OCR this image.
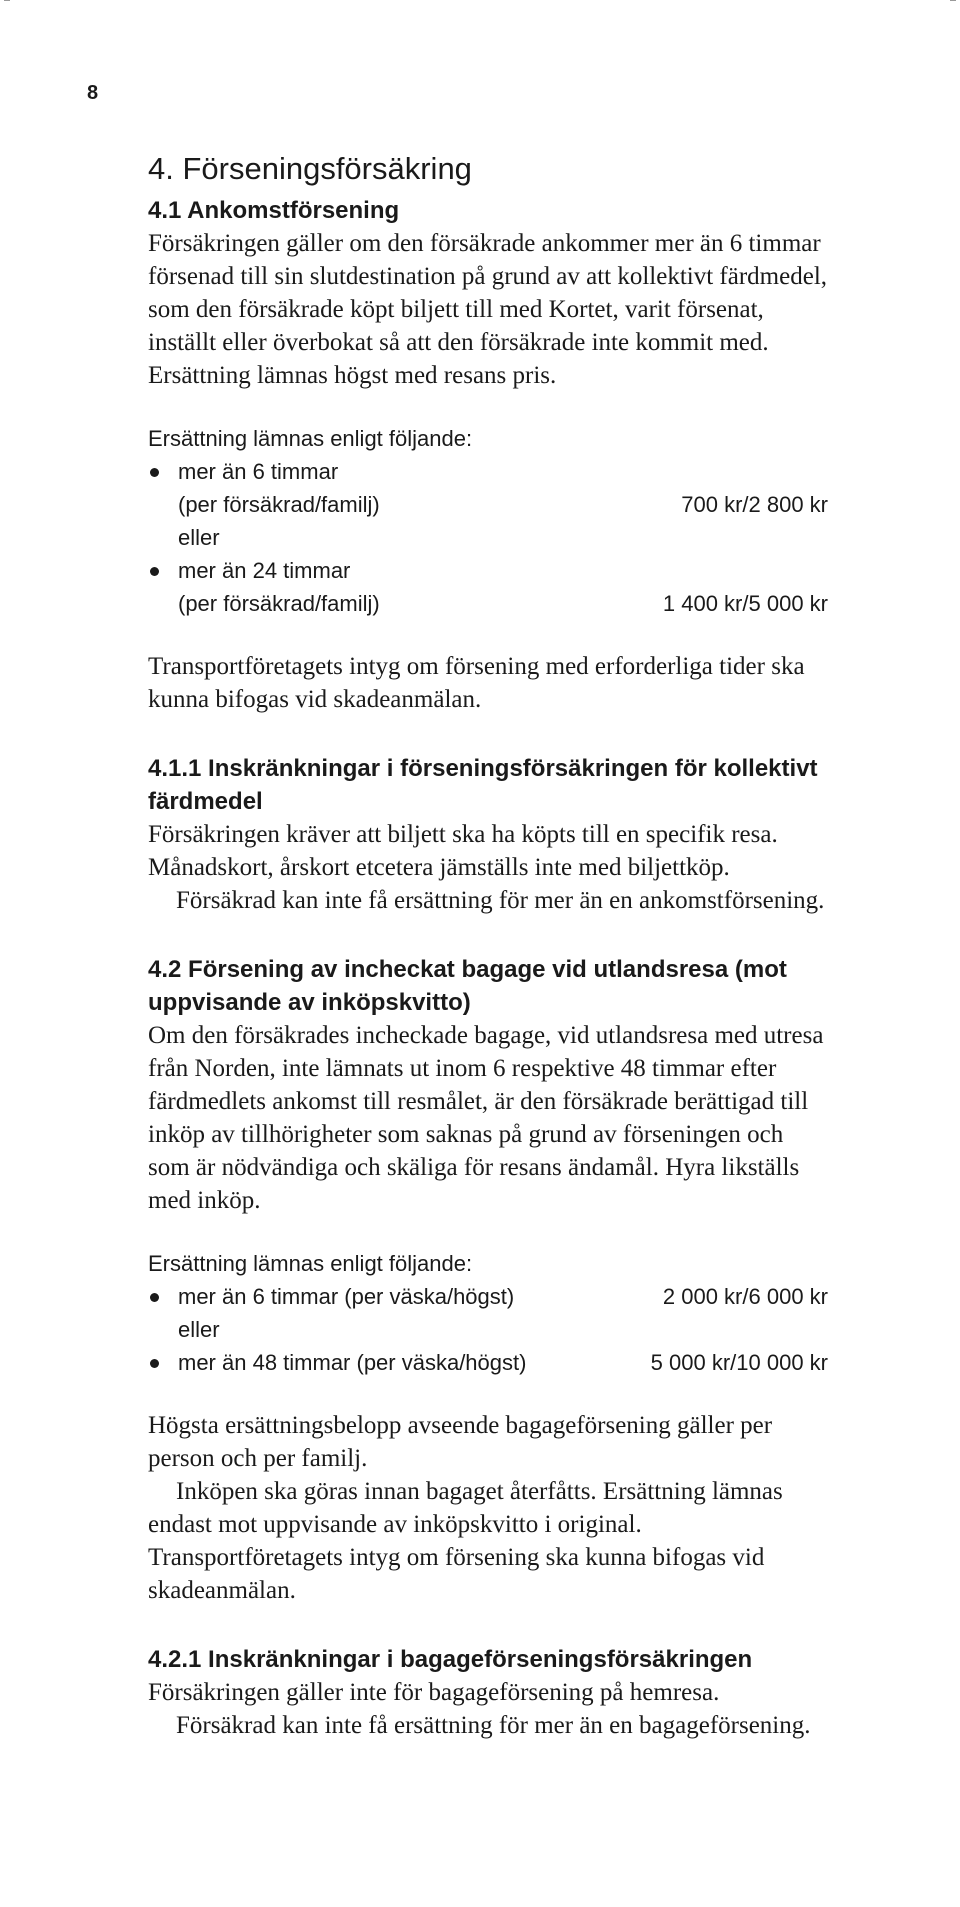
8
4. Förseningsförsäkring
4.1 Ankomstförsening

Försäkringen gäller om den försäkrade ankommer mer än 6 timmar försenad till sin slutdestination på grund av att kollektivt färdmedel, som den försäkrade köpt biljett till med Kortet, varit försenat, inställt eller överbokat så att den försäkrade inte kommit med. Ersättning lämnas högst med resans pris.

Ersättning lämnas enligt följande:

mer än 6 timmar
(per försäkrad/familj)	700 kr/2 800 kr
eller
mer än 24 timmar
(per försäkrad/familj)	1 400 kr/5 000 kr

Transportföretagets intyg om försening med erforderliga tider ska kunna bifogas vid skadeanmälan.

4.1.1 Inskränkningar i förseningsförsäkringen för kollektivt färdmedel

Försäkringen kräver att biljett ska ha köpts till en specifik resa. Månadskort, årskort etcetera jämställs inte med biljettköp.

Försäkrad kan inte få ersättning för mer än en ankomstförsening.

4.2 Försening av incheckat bagage vid utlandsresa (mot uppvisande av inköpskvitto)

Om den försäkrades incheckade bagage, vid utlandsresa med utresa från Norden, inte lämnats ut inom 6 respektive 48 timmar efter färdmedlets ankomst till resmålet, är den försäkrade berättigad till inköp av tillhörigheter som saknas på grund av förseningen och som är nödvändiga och skäliga för resans ändamål. Hyra likställs med inköp.

Ersättning lämnas enligt följande:

mer än 6 timmar (per väska/högst)	2 000 kr/6 000 kr
eller
mer än 48 timmar (per väska/högst)	5 000 kr/10 000 kr

Högsta ersättningsbelopp avseende bagageförsening gäller per person och per familj.

Inköpen ska göras innan bagaget återfåtts. Ersättning lämnas endast mot uppvisande av inköpskvitto i original. Transportföretagets intyg om försening ska kunna bifogas vid skadeanmälan.

4.2.1 Inskränkningar i bagageförseningsförsäkringen

Försäkringen gäller inte för bagageförsening på hemresa.

Försäkrad kan inte få ersättning för mer än en bagageförsening.
